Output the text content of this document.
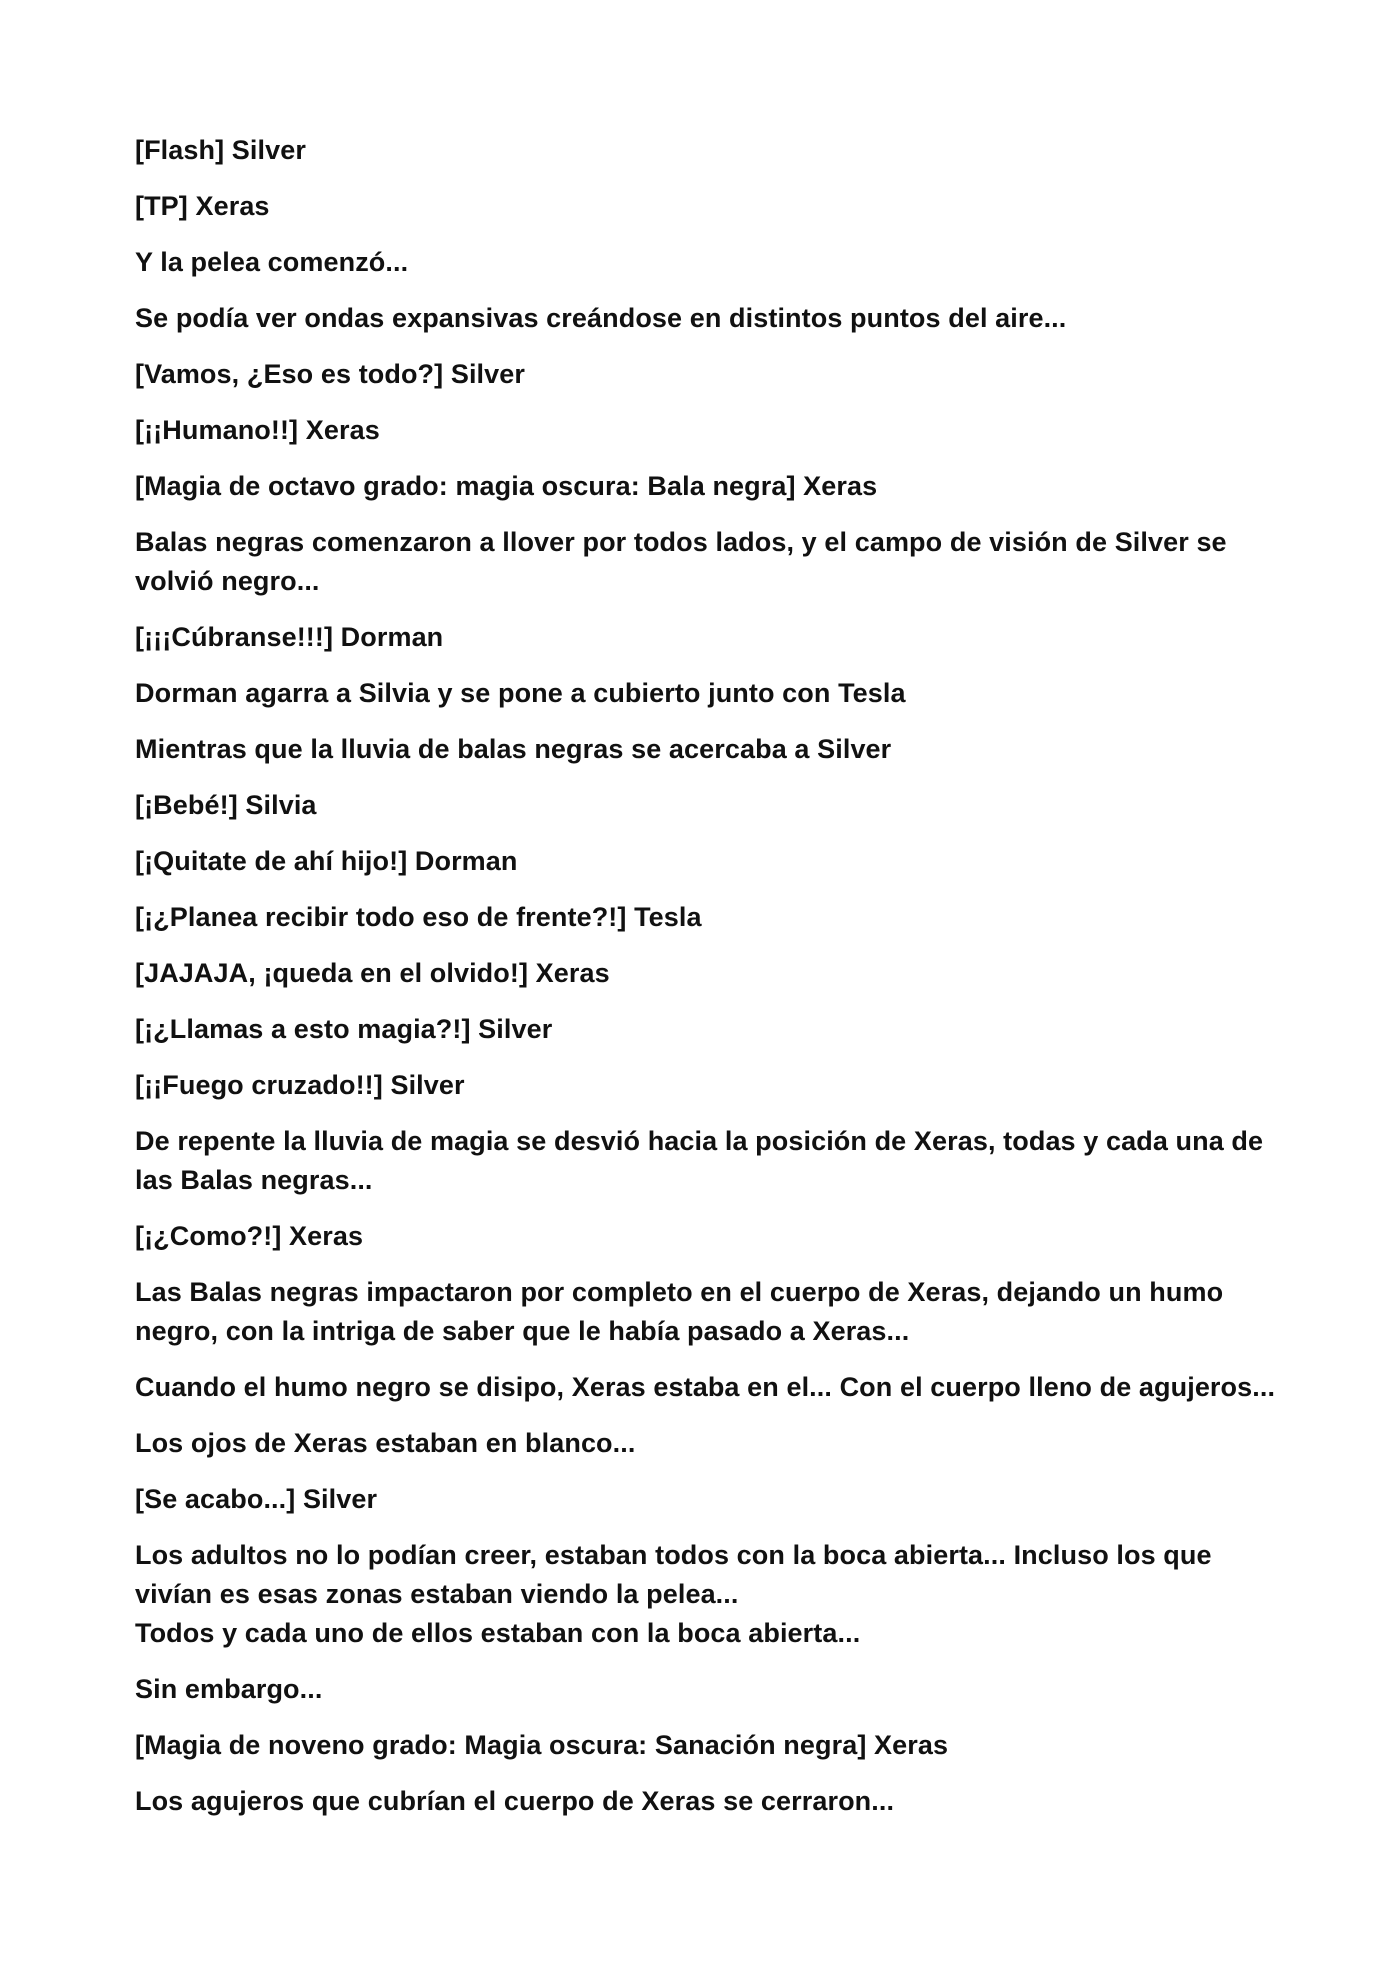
[Flash] Silver

[TP] Xeras

Y la pelea comenzó...

Se podía ver ondas expansivas creándose en distintos puntos del aire...

[Vamos, ¿Eso es todo?] Silver

[¡¡Humano!!] Xeras

[Magia de octavo grado: magia oscura: Bala negra] Xeras

Balas negras comenzaron a llover por todos lados, y el campo de visión de Silver se volvió negro...

[¡¡¡Cúbranse!!!] Dorman

Dorman agarra a Silvia y se pone a cubierto junto con Tesla

Mientras que la lluvia de balas negras se acercaba a Silver

[¡Bebé!] Silvia

[¡Quitate de ahí hijo!] Dorman

[¡¿Planea recibir todo eso de frente?!] Tesla

[JAJAJA, ¡queda en el olvido!] Xeras

[¡¿Llamas a esto magia?!] Silver

[¡¡Fuego cruzado!!] Silver

De repente la lluvia de magia se desvió hacia la posición de Xeras, todas y cada una de las Balas negras...

[¡¿Como?!] Xeras

Las Balas negras impactaron por completo en el cuerpo de Xeras, dejando un humo negro, con la intriga de saber que le había pasado a Xeras...

Cuando el humo negro se disipo, Xeras estaba en el... Con el cuerpo lleno de agujeros...

Los ojos de Xeras estaban en blanco...

[Se acabo...] Silver

Los adultos no lo podían creer, estaban todos con la boca abierta... Incluso los que vivían es esas zonas estaban viendo la pelea...

Todos y cada uno de ellos estaban con la boca abierta...

Sin embargo...

[Magia de noveno grado: Magia oscura: Sanación negra] Xeras

Los agujeros que cubrían el cuerpo de Xeras se cerraron...
